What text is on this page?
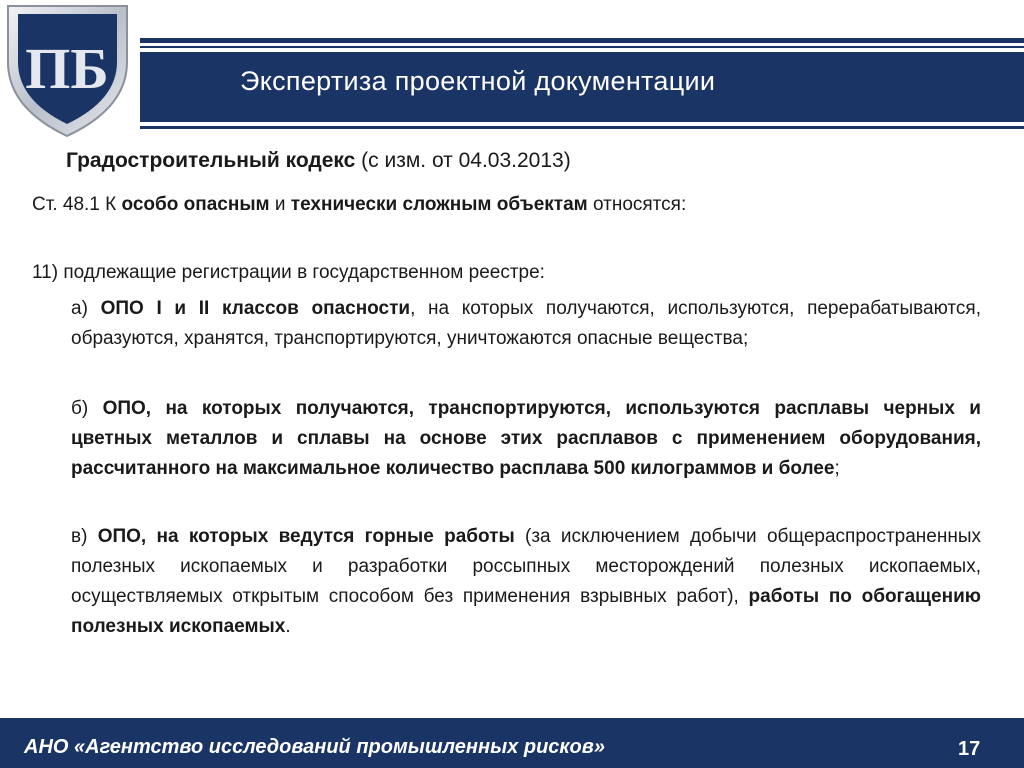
Экспертиза проектной документации
ПБ
Градостроительный кодекс (с изм. от 04.03.2013)
Ст. 48.1 К особо опасным и технически сложным объектам относятся:
11) подлежащие регистрации в государственном реестре:
а) ОПО I и II классов опасности, на которых получаются, используются, перерабатываются, образуются, хранятся, транспортируются, уничтожаются опасные вещества;
б) ОПО, на которых получаются, транспортируются, используются расплавы черных и цветных металлов и сплавы на основе этих расплавов с применением оборудования, рассчитанного на максимальное количество расплава 500 килограммов и более;
в) ОПО, на которых ведутся горные работы (за исключением добычи общераспространенных полезных ископаемых и разработки россыпных месторождений полезных ископаемых, осуществляемых открытым способом без применения взрывных работ), работы по обогащению полезных ископаемых.
АНО «Агентство исследований промышленных рисков»	17
